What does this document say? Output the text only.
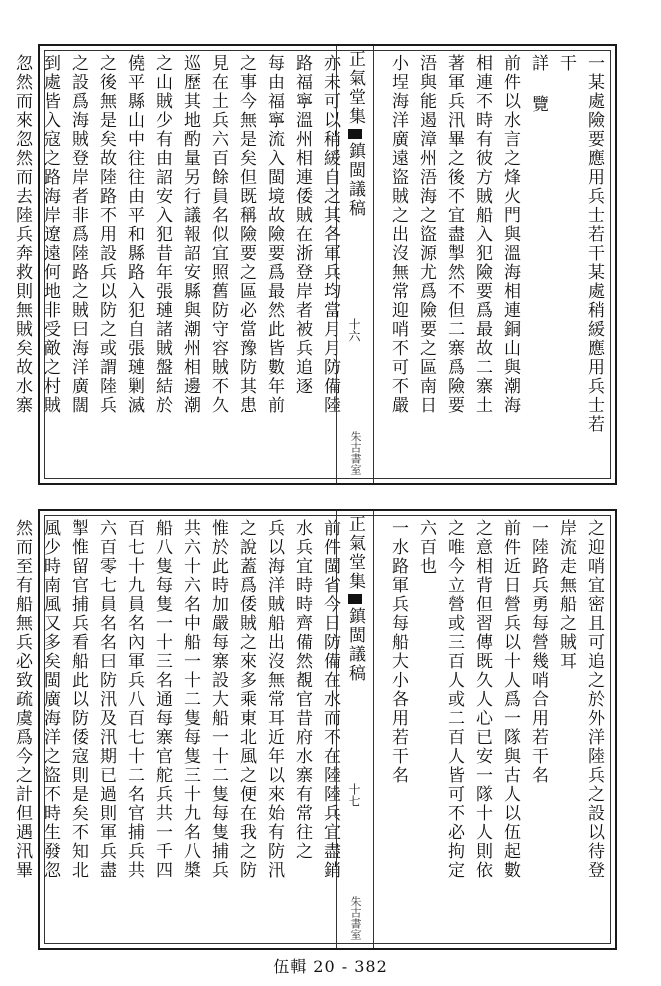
一某處險要應用兵士若干某處稍緩應用兵士若
干
詳 覽
前件以水言之烽火門與溫海相連銅山與潮海
相連不時有彼方賊船入犯險要爲最故二寨土
著軍兵汛畢之後不宜盡掣然不但二寨爲險要
浯與能遏漳州浯海之盜源尤爲險要之區南日
小埕海洋廣遠盜賊之出沒無常迎哨不可不嚴
亦未可以稍緩自之其各軍兵均當月月防備陸
路福寧溫州相連倭賊在浙登岸者被兵追逐
每由福寧流入閩境故險要爲最然此皆數年前
之事今無是矣但既稱險要之區必當豫防其患
見在土兵六百餘員名似宜照舊防守容賊不久
巡歷其地酌量另行議報詔安縣與潮州相邊潮
之山賊少有由詔安入犯昔年張璉諸賊盤結於
僥平縣山中往往由平和縣路入犯自張璉剿滅
之後無是矣故陸路不用設兵以防之或謂陸兵
之設爲海賊登岸者非爲陸路之賊曰海洋廣闊
到處皆入寇之路海岸遼遠何地非受敵之村賊
忽然而來忽然而去陸兵奔救則無賊矣故水寨	正氣堂集鎮閩議稿
十六
朱古書室
之迎哨宜密且可追之於外洋陸兵之設以待登
岸流走無船之賊耳
一陸路兵勇每營幾哨合用若干名
前件近日營兵以十人爲一隊與古人以伍起數
之意相背但習傳既久人心已安一隊十人則依
之唯今立營或三百人或二百人皆可不必拘定
六百也
一水路軍兵每船大小各用若干名
前件閩省今日防備在水而不在陸陸兵宜盡銷
水兵宜時時齊備然覩官昔府水寨有常往之
兵以海洋賊船出沒無常耳近年以來始有防汛
之說蓋爲倭賊之來多乘東北風之便在我之防
惟於此時加嚴每寨設大船一十二隻每隻捕兵
共六十六名中船一十二隻每隻三十九名八槳
船八隻每隻一十三名通每寨官舵兵共一千四
百七十九員名內軍兵八百七十二名官捕兵共
六百零七員名名曰防汛及汛期已過則軍兵盡
掣惟留官捕兵看船此以防倭寇則是矣不知北
風少時南風又多矣閩廣海洋之盜不時生發忽
然而至有船無兵必致疏虞爲今之計但遇汛畢	正氣堂集鎮閩議稿
十七
朱古書室
伍輯 20 - 382
